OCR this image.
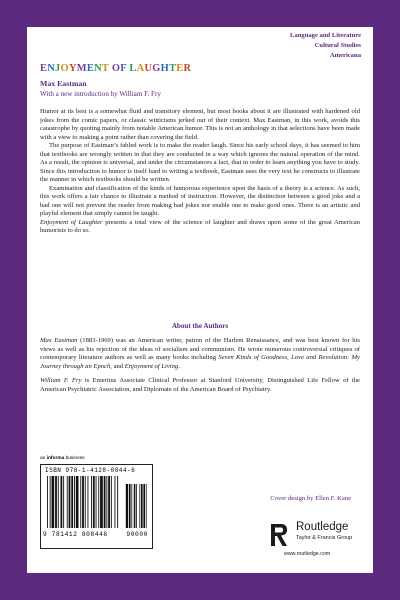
Language and Literature
Cultural Studies
Americana
ENJOYMENT OF LAUGHTER
Max Eastman
With a new introduction by William F. Fry

Humor at its best is a somewhat fluid and transitory element, but most books about it are illustrated with hardened old jokes from the comic papers, or classic witticisms jerked out of their context. Max Eastman, in this work, avoids this catastrophe by quoting mainly from notable American humor. This is not an anthology in that selections have been made with a view to making a point rather than covering the field.

The purpose of Eastman’s fabled work is to make the reader laugh. Since his early school days, it has seemed to him that textbooks are wrongly written in that they are conducted in a way which ignores the natural operation of the mind. As a result, the opinion is universal, and under the circumstances a fact, that in order to learn anything you have to study. Since this introduction to humor is itself hard to writing a textbook, Eastman uses the very text he constructs to illustrate the manner in which textbooks should be written.

Examination and classification of the kinds of humorous experience upon the basis of a theory is a science. As such, this work offers a fair chance to illustrate a method of instruction. However, the distinction between a good joke and a bad one will not prevent the reader from making bad jokes nor enable one to make good ones. There is an artistic and playful element that simply cannot be taught.

Enjoyment of Laughter presents a total view of the science of laughter and draws upon some of the great American humorists to do so.

About the Authors

Max Eastman (1883-1969) was an American writer, patron of the Harlem Renaissance, and was best known for his views as well as his rejection of the ideas of socialism and communism. He wrote numerous controversial critiques of contemporary literature authors as well as many books including Seven Kinds of Goodness, Love and Revolution: My Journey through an Epoch, and Enjoyment of Living.

William F. Fry is Emeritus Associate Clinical Professor at Stanford University, Distinguished Life Fellow of the American Psychiatric Association, and Diplomate of the American Board of Psychiatry.

an informa business
ISBN 978-1-4128-0844-6
9 781412 808446	90000
Cover design by Ellen F. Kane
Routledge
Taylor & Francis Group
www.routledge.com
